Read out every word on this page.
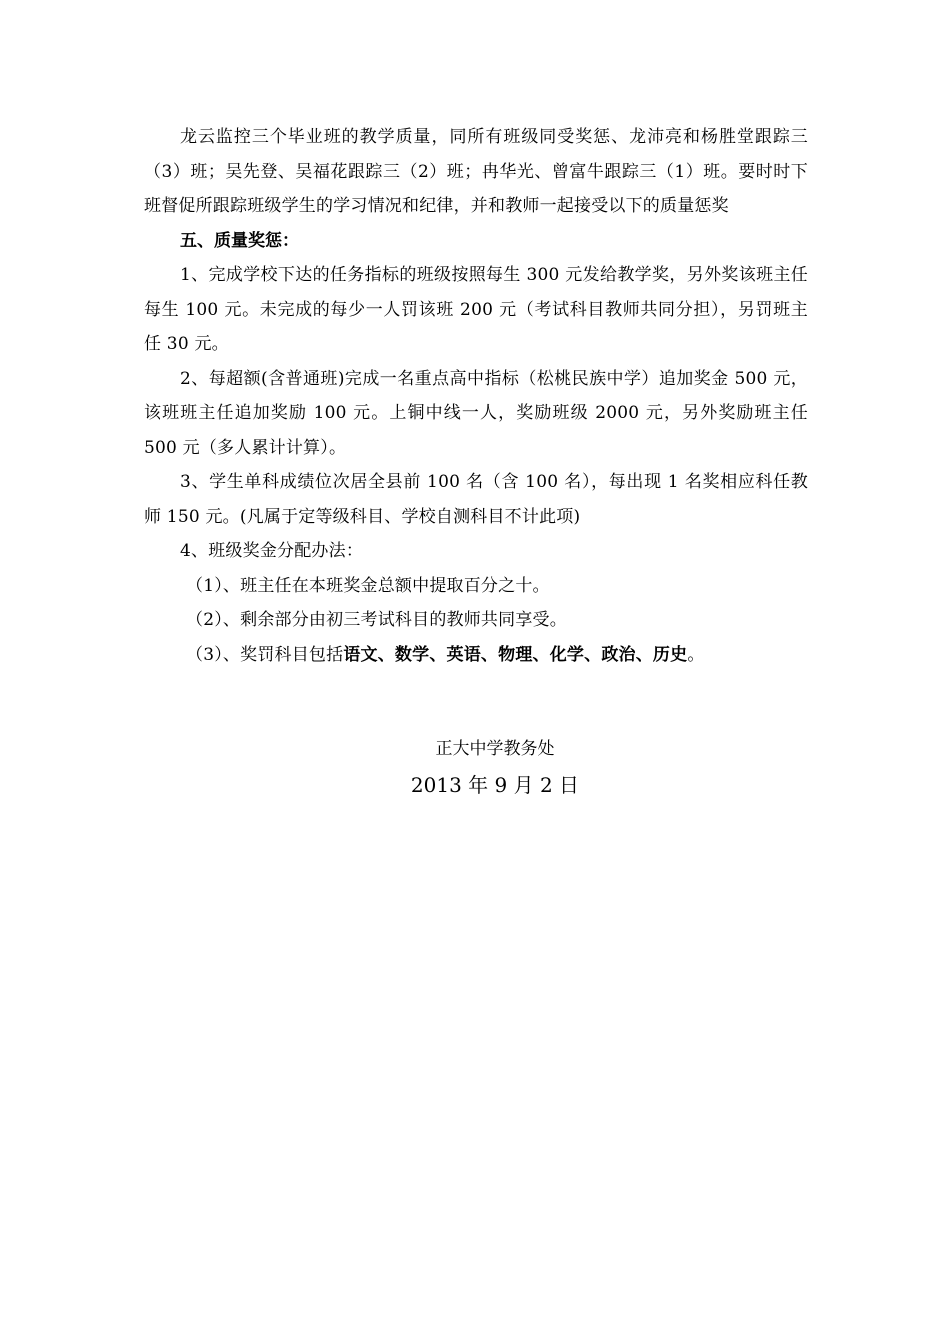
龙云监控三个毕业班的教学质量，同所有班级同受奖惩、龙沛亮和杨胜堂跟踪三（3）班；吴先登、吴福花跟踪三（2）班；冉华光、曾富牛跟踪三（1）班。要时时下班督促所跟踪班级学生的学习情况和纪律，并和教师一起接受以下的质量惩奖

五、质量奖惩：

1、完成学校下达的任务指标的班级按照每生 300 元发给教学奖，另外奖该班主任每生 100 元。未完成的每少一人罚该班 200 元（考试科目教师共同分担），另罚班主任 30 元。

2、每超额(含普通班)完成一名重点高中指标（松桃民族中学）追加奖金 500 元，该班班主任追加奖励 100 元。上铜中线一人，奖励班级 2000 元，另外奖励班主任 500 元（多人累计计算）。

3、学生单科成绩位次居全县前 100 名（含 100 名），每出现 1 名奖相应科任教师 150 元。(凡属于定等级科目、学校自测科目不计此项)

4、班级奖金分配办法：

（1）、班主任在本班奖金总额中提取百分之十。

（2）、剩余部分由初三考试科目的教师共同享受。

（3）、奖罚科目包括语文、数学、英语、物理、化学、政治、历史。

正大中学教务处
2013 年 9 月 2 日
